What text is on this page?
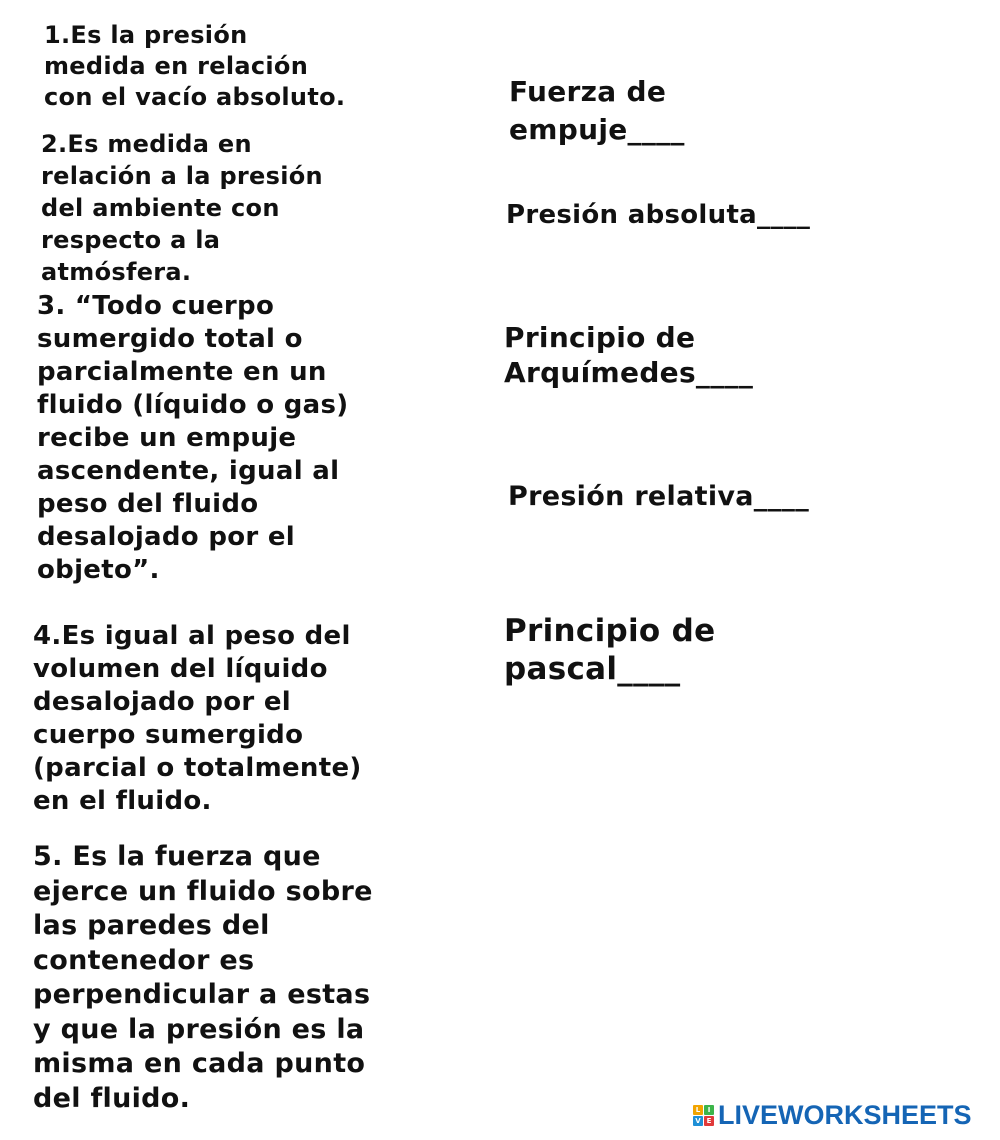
1.Es la presión
medida en relación
con el vacío absoluto.

2.Es medida en
relación a la presión
del ambiente con
respecto a la
atmósfera.

3. “Todo cuerpo
sumergido total o
parcialmente en un
fluido (líquido o gas)
recibe un empuje
ascendente, igual al
peso del fluido
desalojado por el
objeto”.

4.Es igual al peso del
volumen del líquido
desalojado por el
cuerpo sumergido
(parcial o totalmente)
en el fluido.

5. Es la fuerza que
ejerce un fluido sobre
las paredes del
contenedor es
perpendicular a estas
y que la presión es la
misma en cada punto
del fluido.

Fuerza de
empuje____

Presión absoluta____

Principio de
Arquímedes____

Presión relativa____

Principio de
pascal____

L	I
V E LIVEWORKSHEETS
